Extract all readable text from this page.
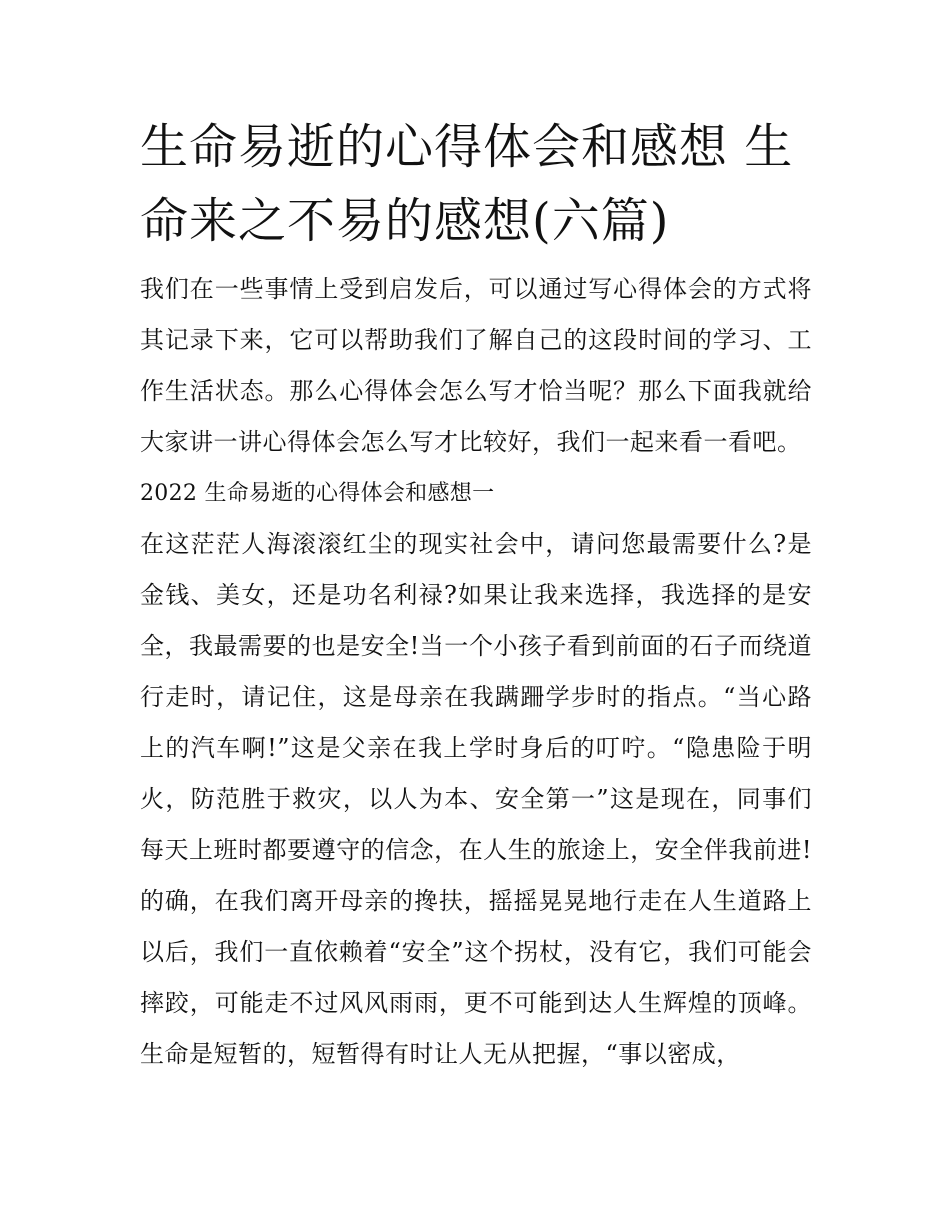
生命易逝的心得体会和感想 生命来之不易的感想(六篇)

我们在一些事情上受到启发后，可以通过写心得体会的方式将其记录下来，它可以帮助我们了解自己的这段时间的学习、工作生活状态。那么心得体会怎么写才恰当呢？那么下面我就给大家讲一讲心得体会怎么写才比较好，我们一起来看一看吧。

2022 生命易逝的心得体会和感想一

在这茫茫人海滚滚红尘的现实社会中，请问您最需要什么?是金钱、美女，还是功名利禄?如果让我来选择，我选择的是安全，我最需要的也是安全!当一个小孩子看到前面的石子而绕道行走时，请记住，这是母亲在我蹒跚学步时的指点。“当心路上的汽车啊!”这是父亲在我上学时身后的叮咛。“隐患险于明火，防范胜于救灾，以人为本、安全第一”这是现在，同事们每天上班时都要遵守的信念，在人生的旅途上，安全伴我前进!的确，在我们离开母亲的搀扶，摇摇晃晃地行走在人生道路上以后，我们一直依赖着“安全”这个拐杖，没有它，我们可能会摔跤，可能走不过风风雨雨，更不可能到达人生辉煌的顶峰。生命是短暂的，短暂得有时让人无从把握，“事以密成，
